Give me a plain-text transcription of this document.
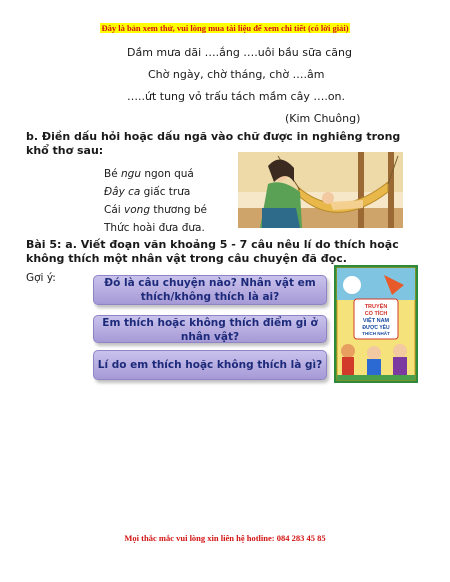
Đây là bản xem thử, vui lòng mua tài liệu để xem chi tiết (có lời giải)
Dầm mưa dãi ….ắng ….uôi bầu sữa căng
Chờ ngày, chờ tháng, chờ ….âm
…..ứt tung vỏ trấu tách mầm cây ….on.
(Kim Chuông)
b. Điền dấu hỏi hoặc dấu ngã vào chữ được in nghiêng trong khổ thơ sau:
Bé ngu ngon quá
Đây ca giấc trưa
Cái vong thương bé
Thức hoài đưa đưa.
Bài 5: a. Viết đoạn văn khoảng 5 - 7 câu nêu lí do thích hoặc không thích một nhân vật trong câu chuyện đã đọc.
Gợi ý:	Đó là câu chuyện nào? Nhân vật em thích/không thích là ai?
Em thích hoặc không thích điểm gì ở nhân vật?
Lí do em thích hoặc không thích là gì?
TRUYỆN
CỔ TÍCH
VIỆT NAM
ĐƯỢC YÊU
THÍCH NHẤT
Mọi thắc mắc vui lòng xin liên hệ hotline: 084 283 45 85
